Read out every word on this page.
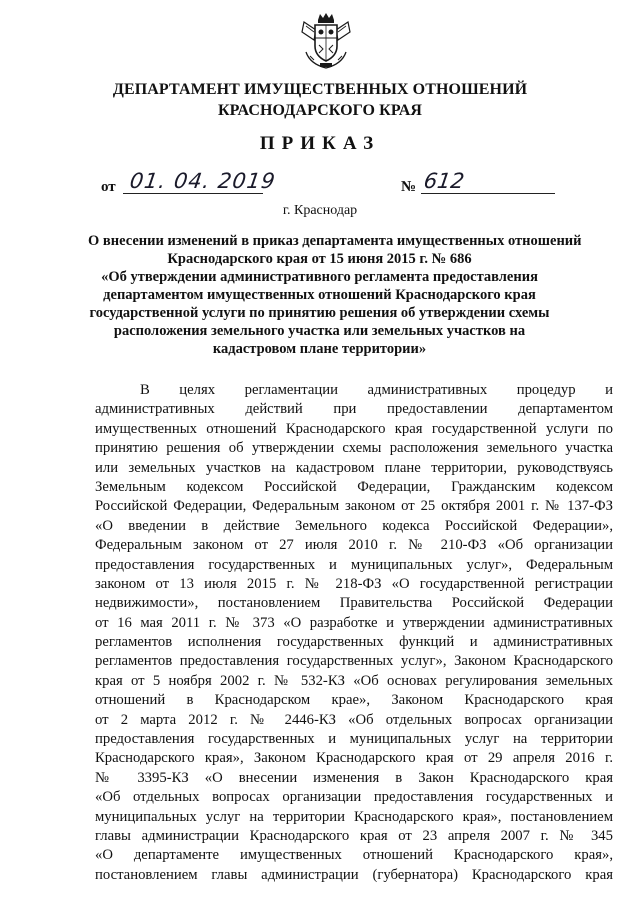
ДЕПАРТАМЕНТ ИМУЩЕСТВЕННЫХ ОТНОШЕНИЙ
КРАСНОДАРСКОГО КРАЯ
ПРИКАЗ
от 01. 04. 2019	№ 612
г. Краснодар
О внесении изменений в приказ департамента имущественных отношений
Краснодарского края от 15 июня 2015 г. № 686
«Об утверждении административного регламента предоставления
департаментом имущественных отношений Краснодарского края
государственной услуги по принятию решения об утверждении схемы
расположения земельного участка или земельных участков на
кадастровом плане территории»
В целях регламентации административных процедур и
административных действий при предоставлении департаментом
имущественных отношений Краснодарского края государственной услуги по
принятию решения об утверждении схемы расположения земельного участка
или земельных участков на кадастровом плане территории, руководствуясь
Земельным кодексом Российской Федерации, Гражданским кодексом
Российской Федерации, Федеральным законом от 25 октября 2001 г. № 137-ФЗ
«О введении в действие Земельного кодекса Российской Федерации»,
Федеральным законом от 27 июля 2010 г. № 210-ФЗ «Об организации
предоставления государственных и муниципальных услуг», Федеральным
законом от 13 июля 2015 г. № 218-ФЗ «О государственной регистрации
недвижимости», постановлением Правительства Российской Федерации
от 16 мая 2011 г. № 373 «О разработке и утверждении административных
регламентов исполнения государственных функций и административных
регламентов предоставления государственных услуг», Законом Краснодарского
края от 5 ноября 2002 г. № 532-КЗ «Об основах регулирования земельных
отношений в Краснодарском крае», Законом Краснодарского края
от 2 марта 2012 г. № 2446-КЗ «Об отдельных вопросах организации
предоставления государственных и муниципальных услуг на территории
Краснодарского края», Законом Краснодарского края от 29 апреля 2016 г.
№ 3395-КЗ «О внесении изменения в Закон Краснодарского края
«Об отдельных вопросах организации предоставления государственных и
муниципальных услуг на территории Краснодарского края», постановлением
главы администрации Краснодарского края от 23 апреля 2007 г. № 345
«О департаменте имущественных отношений Краснодарского края»,
постановлением главы администрации (губернатора) Краснодарского края
